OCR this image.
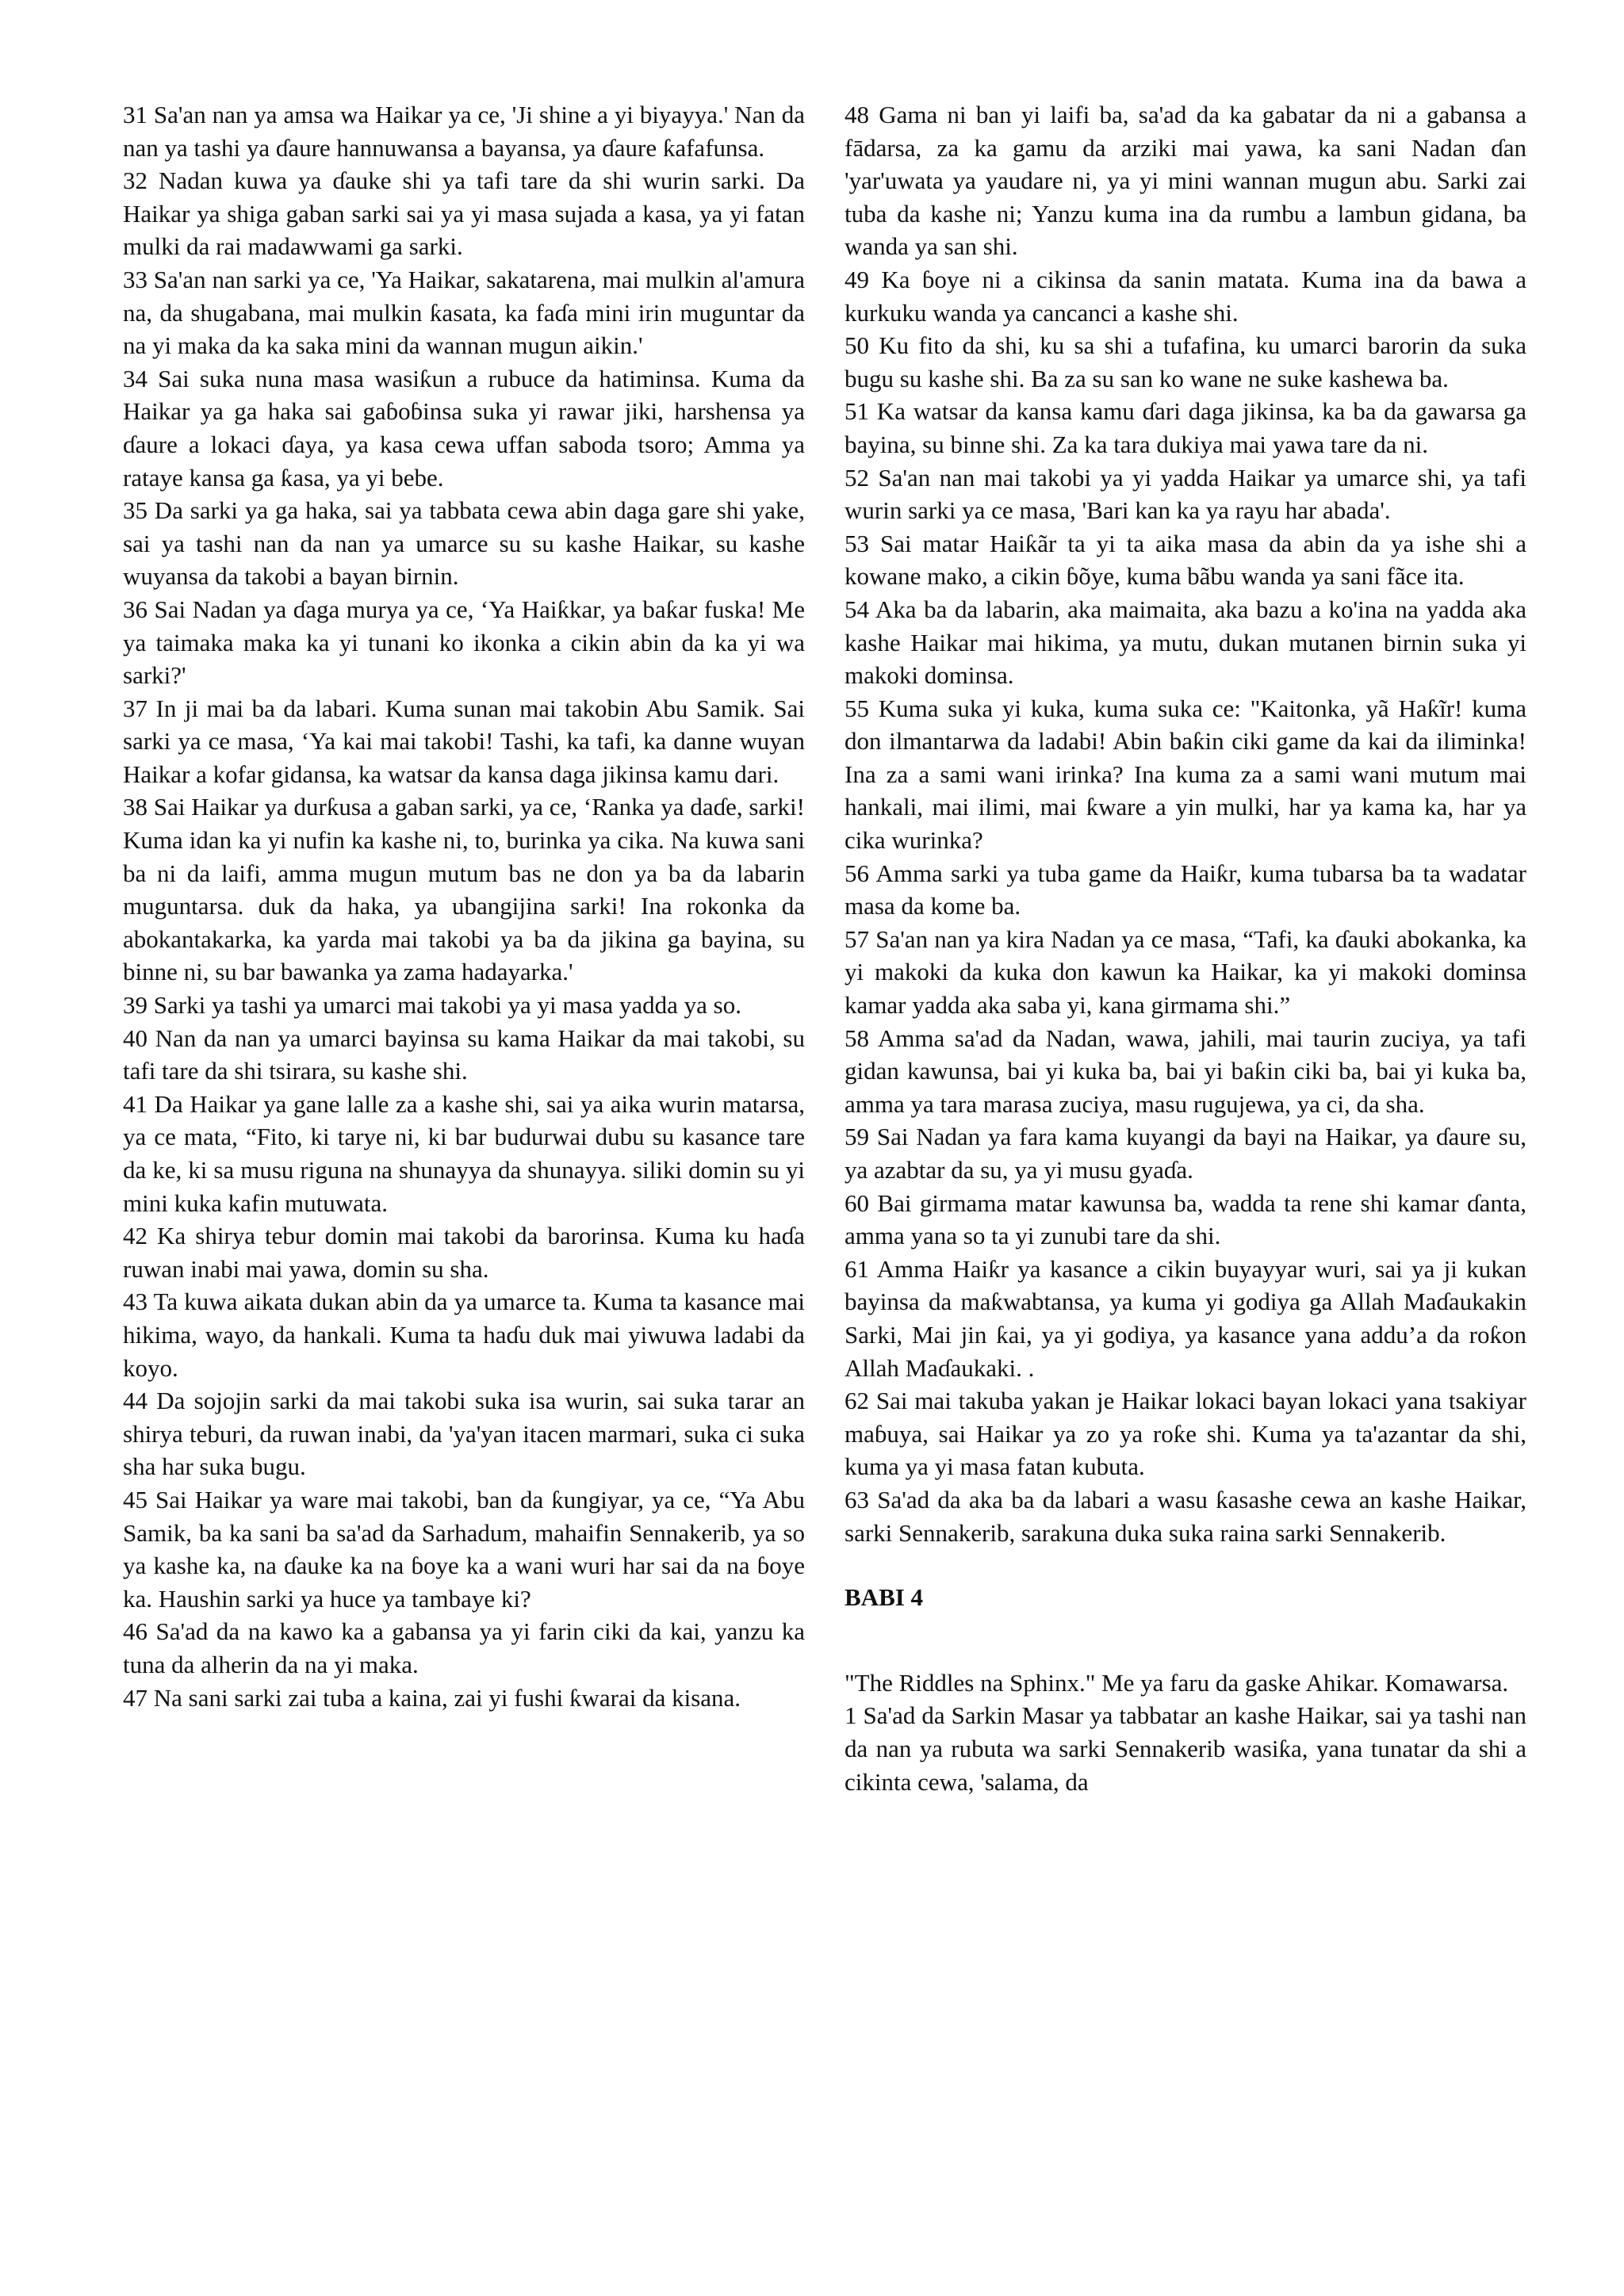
31 Sa'an nan ya amsa wa Haikar ya ce, 'Ji shine a yi biyayya.' Nan da nan ya tashi ya ɗaure hannuwansa a bayansa, ya ɗaure ƙafafunsa.

32 Nadan kuwa ya ɗauke shi ya tafi tare da shi wurin sarki. Da Haikar ya shiga gaban sarki sai ya yi masa sujada a kasa, ya yi fatan mulki da rai madawwami ga sarki.

33 Sa'an nan sarki ya ce, 'Ya Haikar, sakatarena, mai mulkin al'amura na, da shugabana, mai mulkin ƙasata, ka faɗa mini irin muguntar da na yi maka da ka saka mini da wannan mugun aikin.'

34 Sai suka nuna masa wasiƙun a rubuce da hatiminsa. Kuma da Haikar ya ga haka sai gaɓoɓinsa suka yi rawar jiki, harshensa ya ɗaure a lokaci ɗaya, ya kasa cewa uffan saboda tsoro; Amma ya rataye kansa ga ƙasa, ya yi bebe.

35 Da sarki ya ga haka, sai ya tabbata cewa abin daga gare shi yake, sai ya tashi nan da nan ya umarce su su kashe Haikar, su kashe wuyansa da takobi a bayan birnin.

36 Sai Nadan ya ɗaga murya ya ce, ‘Ya Haiƙkar, ya baƙar fuska! Me ya taimaka maka ka yi tunani ko ikonka a cikin abin da ka yi wa sarki?'

37 In ji mai ba da labari. Kuma sunan mai takobin Abu Samik. Sai sarki ya ce masa, ‘Ya kai mai takobi! Tashi, ka tafi, ka danne wuyan Haikar a kofar gidansa, ka watsar da kansa daga jikinsa kamu dari.

38 Sai Haikar ya durƙusa a gaban sarki, ya ce, ‘Ranka ya daɗe, sarki! Kuma idan ka yi nufin ka kashe ni, to, burinka ya cika. Na kuwa sani ba ni da laifi, amma mugun mutum bas ne don ya ba da labarin muguntarsa. duk da haka, ya ubangijina sarki! Ina rokonka da abokantakarka, ka yarda mai takobi ya ba da jikina ga bayina, su binne ni, su bar bawanka ya zama hadayarka.'

39 Sarki ya tashi ya umarci mai takobi ya yi masa yadda ya so.

40 Nan da nan ya umarci bayinsa su kama Haikar da mai takobi, su tafi tare da shi tsirara, su kashe shi.

41 Da Haikar ya gane lalle za a kashe shi, sai ya aika wurin matarsa, ya ce mata, “Fito, ki tarye ni, ki bar budurwai dubu su kasance tare da ke, ki sa musu riguna na shunayya da shunayya. siliki domin su yi mini kuka kafin mutuwata.

42 Ka shirya tebur domin mai takobi da barorinsa. Kuma ku haɗa ruwan inabi mai yawa, domin su sha.

43 Ta kuwa aikata dukan abin da ya umarce ta. Kuma ta kasance mai hikima, wayo, da hankali. Kuma ta haɗu duk mai yiwuwa ladabi da koyo.

44 Da sojojin sarki da mai takobi suka isa wurin, sai suka tarar an shirya teburi, da ruwan inabi, da 'ya'yan itacen marmari, suka ci suka sha har suka bugu.

45 Sai Haikar ya ware mai takobi, ban da ƙungiyar, ya ce, “Ya Abu Samik, ba ka sani ba sa'ad da Sarhadum, mahaifin Sennakerib, ya so ya kashe ka, na ɗauke ka na ɓoye ka a wani wuri har sai da na ɓoye ka. Haushin sarki ya huce ya tambaye ki?

46 Sa'ad da na kawo ka a gabansa ya yi farin ciki da kai, yanzu ka tuna da alherin da na yi maka.

47 Na sani sarki zai tuba a kaina, zai yi fushi ƙwarai da kisana.

48 Gama ni ban yi laifi ba, sa'ad da ka gabatar da ni a gabansa a fādarsa, za ka gamu da arziki mai yawa, ka sani Nadan ɗan 'yar'uwata ya yaudare ni, ya yi mini wannan mugun abu. Sarki zai tuba da kashe ni; Yanzu kuma ina da rumbu a lambun gidana, ba wanda ya san shi.

49 Ka ɓoye ni a cikinsa da sanin matata. Kuma ina da bawa a kurkuku wanda ya cancanci a kashe shi.

50 Ku fito da shi, ku sa shi a tufafina, ku umarci barorin da suka bugu su kashe shi. Ba za su san ko wane ne suke kashewa ba.

51 Ka watsar da kansa kamu ɗari daga jikinsa, ka ba da gawarsa ga bayina, su binne shi. Za ka tara dukiya mai yawa tare da ni.

52 Sa'an nan mai takobi ya yi yadda Haikar ya umarce shi, ya tafi wurin sarki ya ce masa, 'Bari kan ka ya rayu har abada'.

53 Sai matar Haiƙãr ta yi ta aika masa da abin da ya ishe shi a kowane mako, a cikin ɓõye, kuma bãbu wanda ya sani fãce ita.

54 Aka ba da labarin, aka maimaita, aka bazu a ko'ina na yadda aka kashe Haikar mai hikima, ya mutu, dukan mutanen birnin suka yi makoki dominsa.

55 Kuma suka yi kuka, kuma suka ce: "Kaitonka, yã Haƙĩr! kuma don ilmantarwa da ladabi! Abin baƙin ciki game da kai da iliminka! Ina za a sami wani irinka? Ina kuma za a sami wani mutum mai hankali, mai ilimi, mai ƙware a yin mulki, har ya kama ka, har ya cika wurinka?

56 Amma sarki ya tuba game da Haiƙr, kuma tubarsa ba ta wadatar masa da kome ba.

57 Sa'an nan ya kira Nadan ya ce masa, “Tafi, ka ɗauki abokanka, ka yi makoki da kuka don kawun ka Haikar, ka yi makoki dominsa kamar yadda aka saba yi, kana girmama shi.”

58 Amma sa'ad da Nadan, wawa, jahili, mai taurin zuciya, ya tafi gidan kawunsa, bai yi kuka ba, bai yi baƙin ciki ba, bai yi kuka ba, amma ya tara marasa zuciya, masu rugujewa, ya ci, da sha.

59 Sai Nadan ya fara kama kuyangi da bayi na Haikar, ya ɗaure su, ya azabtar da su, ya yi musu gyaɗa.

60 Bai girmama matar kawunsa ba, wadda ta rene shi kamar ɗanta, amma yana so ta yi zunubi tare da shi.

61 Amma Haiƙr ya kasance a cikin buyayyar wuri, sai ya ji kukan bayinsa da maƙwabtansa, ya kuma yi godiya ga Allah Maɗaukakin Sarki, Mai jin ƙai, ya yi godiya, ya kasance yana addu’a da roƙon Allah Maɗaukaki. .

62 Sai mai takuba yakan je Haikar lokaci bayan lokaci yana tsakiyar maɓuya, sai Haikar ya zo ya roƙe shi. Kuma ya ta'azantar da shi, kuma ya yi masa fatan kubuta.

63 Sa'ad da aka ba da labari a wasu ƙasashe cewa an kashe Haikar, sarki Sennakerib, sarakuna duka suka raina sarki Sennakerib.

BABI 4

"The Riddles na Sphinx." Me ya faru da gaske Ahikar. Komawarsa.

1 Sa'ad da Sarkin Masar ya tabbatar an kashe Haikar, sai ya tashi nan da nan ya rubuta wa sarki Sennakerib wasiƙa, yana tunatar da shi a cikinta cewa, 'salama, da
